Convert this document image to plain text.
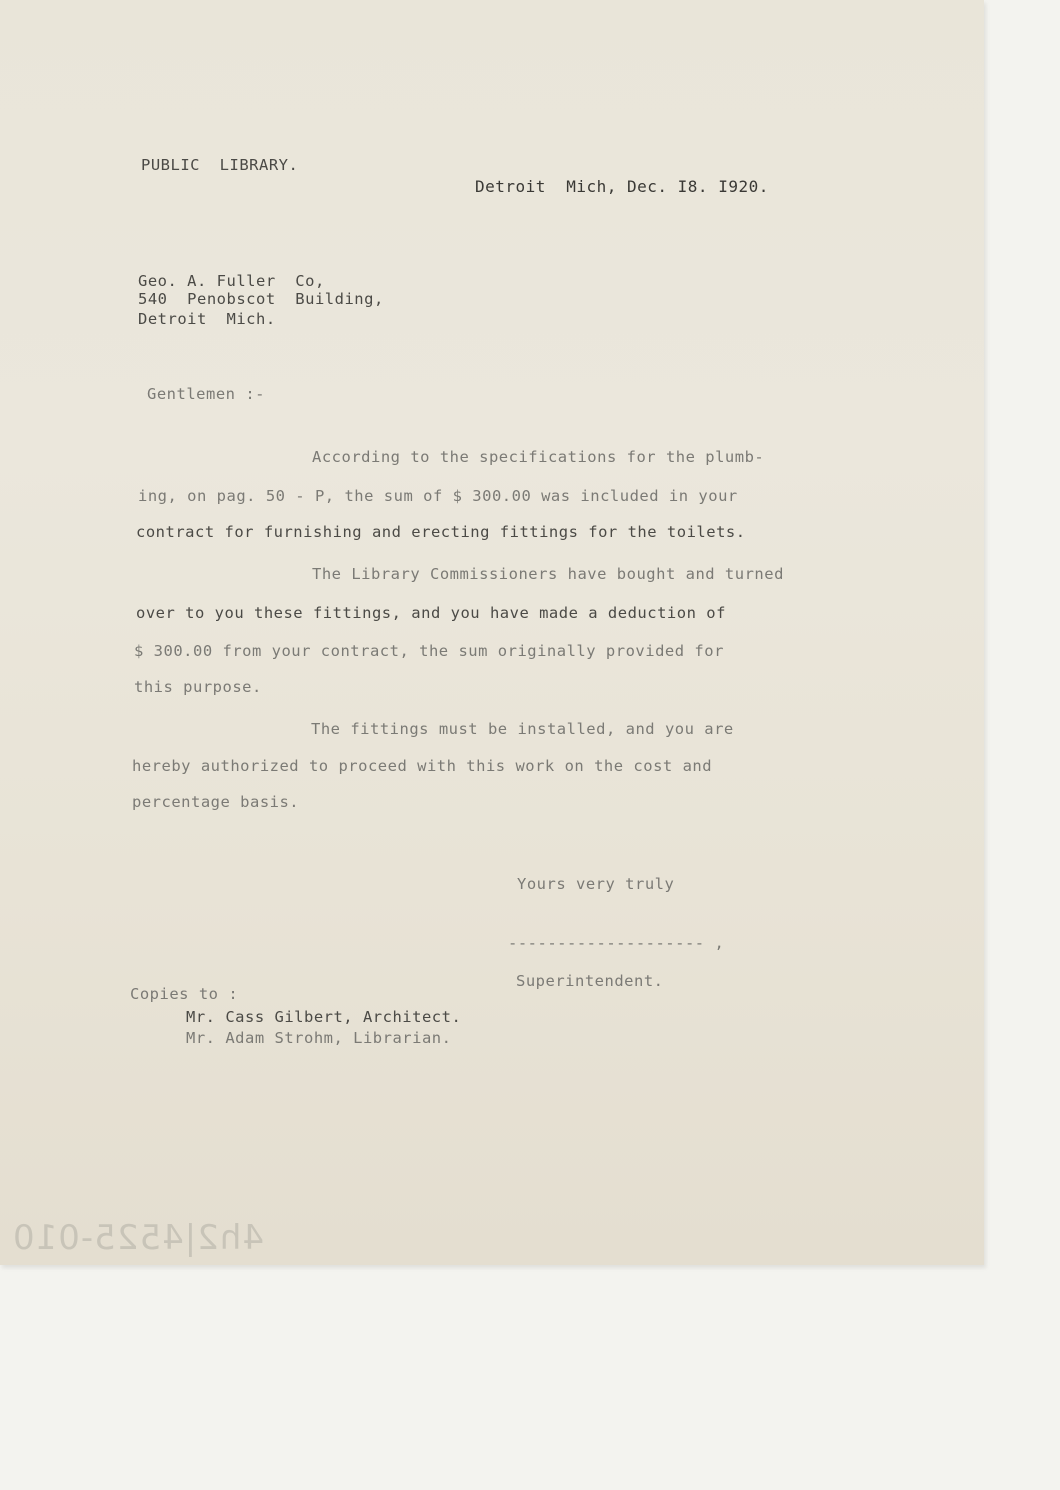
PUBLIC  LIBRARY.
Detroit  Mich, Dec. I8. I920.
Geo. A. Fuller  Co,
540  Penobscot  Building,
Detroit  Mich.
Gentlemen :-
According to the specifications for the plumb-
ing, on pag. 50 - P, the sum of $ 300.00 was included in your
contract for furnishing and erecting fittings for the toilets.
The Library Commissioners have bought and turned
over to you these fittings, and you have made a deduction of
$ 300.00 from your contract, the sum originally provided for
this purpose.
The fittings must be installed, and you are
hereby authorized to proceed with this work on the cost and
percentage basis.
Yours very truly
-------------------- ,
Superintendent.
Copies to :
Mr. Cass Gilbert, Architect.
Mr. Adam Strohm, Librarian.
4h2|4525-010
